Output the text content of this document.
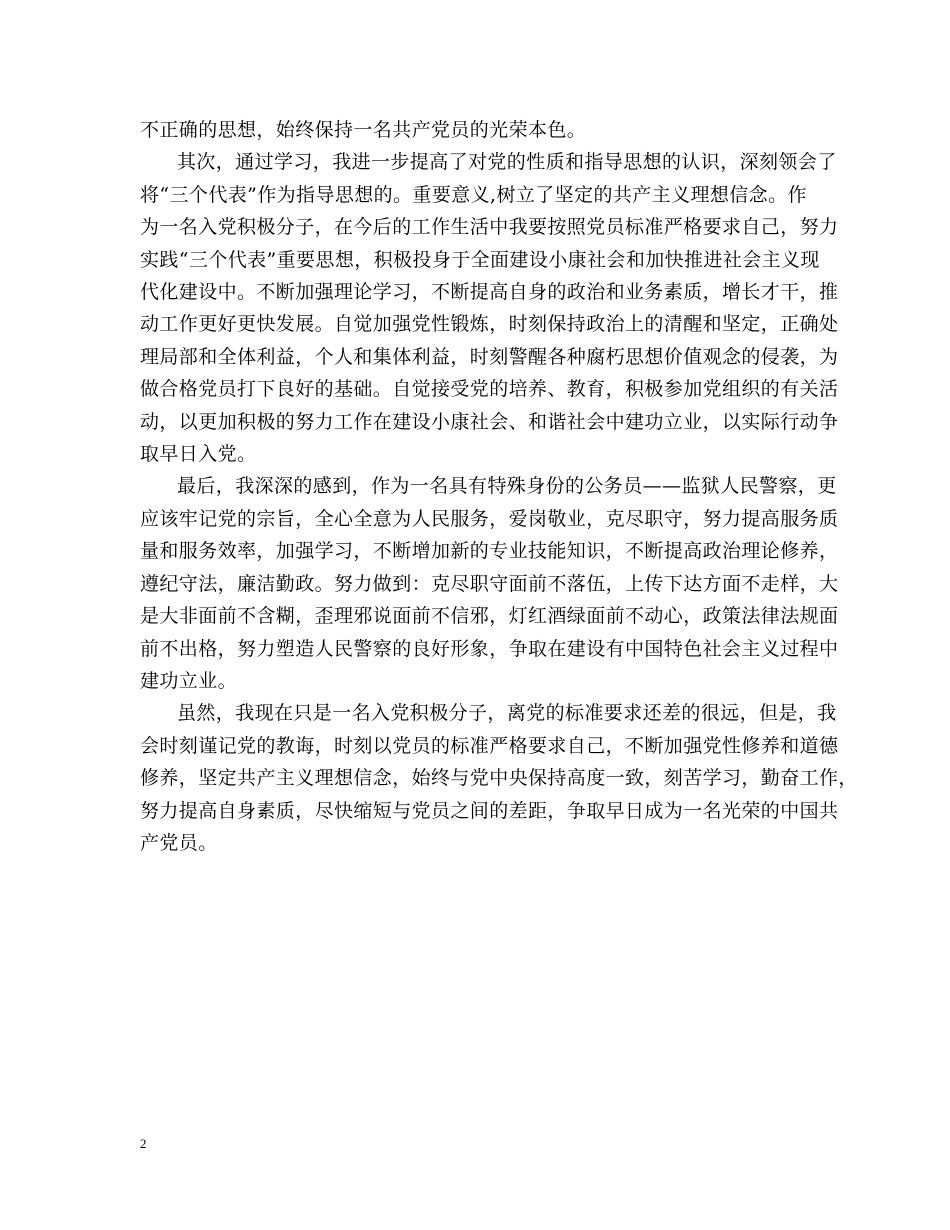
不正确的思想，始终保持一名共产党员的光荣本色。

其次，通过学习，我进一步提高了对党的性质和指导思想的认识，深刻领会了
将“三个代表”作为指导思想的。重要意义,树立了坚定的共产主义理想信念。作
为一名入党积极分子，在今后的工作生活中我要按照党员标准严格要求自己，努力
实践“三个代表”重要思想，积极投身于全面建设小康社会和加快推进社会主义现
代化建设中。不断加强理论学习，不断提高自身的政治和业务素质，增长才干，推
动工作更好更快发展。自觉加强党性锻炼，时刻保持政治上的清醒和坚定，正确处
理局部和全体利益，个人和集体利益，时刻警醒各种腐朽思想价值观念的侵袭，为
做合格党员打下良好的基础。自觉接受党的培养、教育，积极参加党组织的有关活
动，以更加积极的努力工作在建设小康社会、和谐社会中建功立业，以实际行动争
取早日入党。

最后，我深深的感到，作为一名具有特殊身份的公务员——监狱人民警察，更
应该牢记党的宗旨，全心全意为人民服务，爱岗敬业，克尽职守，努力提高服务质
量和服务效率，加强学习，不断增加新的专业技能知识，不断提高政治理论修养，
遵纪守法，廉洁勤政。努力做到：克尽职守面前不落伍，上传下达方面不走样，大
是大非面前不含糊，歪理邪说面前不信邪，灯红酒绿面前不动心，政策法律法规面
前不出格，努力塑造人民警察的良好形象，争取在建设有中国特色社会主义过程中
建功立业。

虽然，我现在只是一名入党积极分子，离党的标准要求还差的很远，但是，我
会时刻谨记党的教诲，时刻以党员的标准严格要求自己，不断加强党性修养和道德
修养，坚定共产主义理想信念，始终与党中央保持高度一致，刻苦学习，勤奋工作，
努力提高自身素质，尽快缩短与党员之间的差距，争取早日成为一名光荣的中国共
产党员。

2
